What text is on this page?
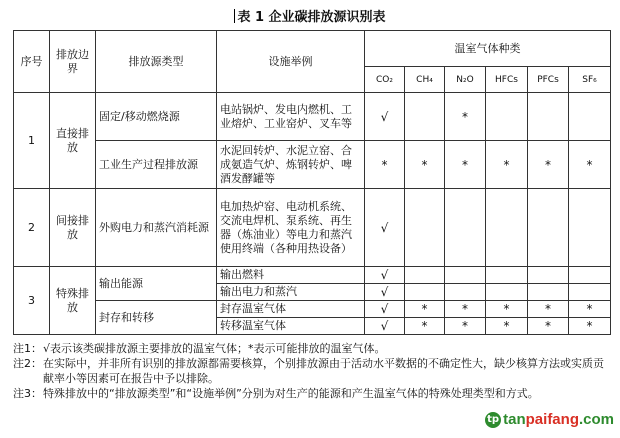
表 1 企业碳排放源识别表
序号	排放边界	排放源类型	设施举例	温室气体种类					
				CO₂	CH₄	N₂O	HFCs	PFCs	SF₆
1	直接排放	固定/移动燃烧源	电站锅炉、发电内燃机、工业熔炉、工业窑炉、叉车等	√		*			
		工业生产过程排放源	水泥回转炉、水泥立窑、合成氨造气炉、炼钢转炉、啤酒发酵罐等	*	*	*	*	*	*
2	间接排放	外购电力和蒸汽消耗源	电加热炉窑、电动机系统、交流电焊机、泵系统、再生器（炼油业）等电力和蒸汽使用终端（各种用热设备）	√					
3	特殊排放	输出能源	输出燃料	√					
			输出电力和蒸汽	√					
		封存和转移	封存温室气体	√	*	*	*	*	*
			转移温室气体	√	*	*	*	*	*
注1： √表示该类碳排放源主要排放的温室气体；*表示可能排放的温室气体。
注2： 在实际中，并非所有识别的排放源都需要核算，个别排放源由于活动水平数据的不确定性大，缺少核算方法或实质贡献率小等因素可在报告中予以排除。
注3： 特殊排放中的“排放源类型”和“设施举例”分别为对生产的能源和产生温室气体的特殊处理类型和方式。
tp tanpaifang.com
